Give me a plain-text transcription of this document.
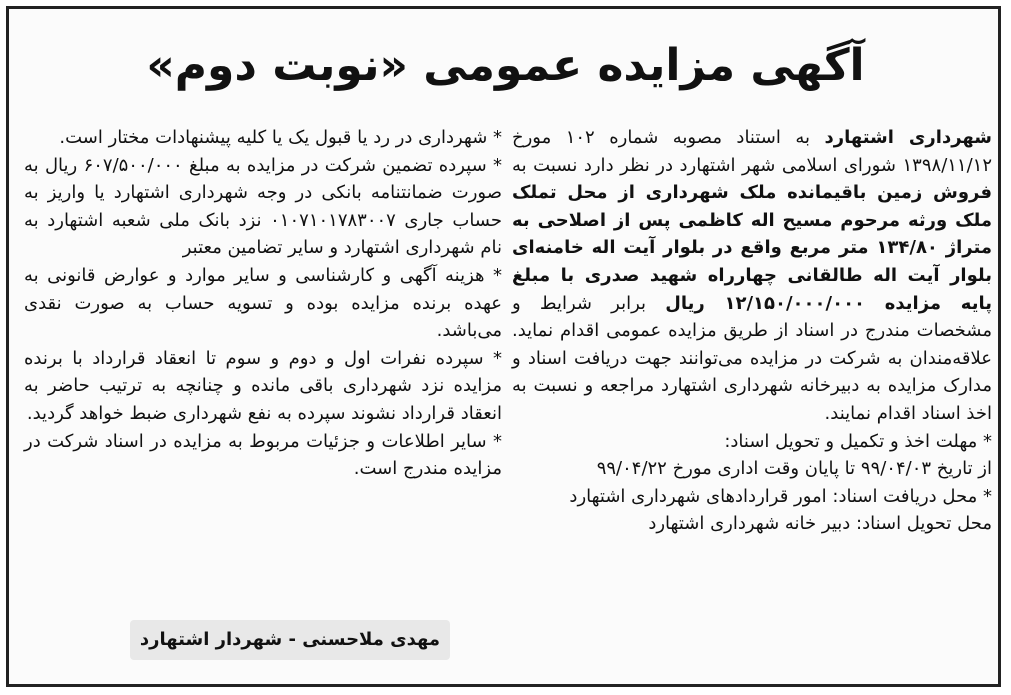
آگهی مزایده عمومی «نوبت دوم»

شهرداری اشتهارد به استناد مصوبه شماره ۱۰۲ مورخ ۱۳۹۸/۱۱/۱۲ شورای اسلامی شهر اشتهارد در نظر دارد نسبت به فروش زمین باقیمانده ملک شهرداری از محل تملک ملک ورثه مرحوم مسیح اله کاظمی پس از اصلاحی به متراژ ۱۳۴/۸۰ متر مربع واقع در بلوار آیت اله خامنه‌ای بلوار آیت اله طالقانی چهارراه شهید صدری با مبلغ پایه مزایده ۱۲/۱۵۰/۰۰۰/۰۰۰ ریال برابر شرایط و مشخصات مندرج در اسناد از طریق مزایده عمومی اقدام نماید. علاقه‌مندان به شرکت در مزایده می‌توانند جهت دریافت اسناد و مدارک مزایده به دبیرخانه شهرداری اشتهارد مراجعه و نسبت به اخذ اسناد اقدام نمایند.

* مهلت اخذ و تکمیل و تحویل اسناد:

از تاریخ ۹۹/۰۴/۰۳ تا پایان وقت اداری مورخ ۹۹/۰۴/۲۲

* محل دریافت اسناد: امور قراردادهای شهرداری اشتهارد

محل تحویل اسناد: دبیر خانه شهرداری اشتهارد

* شهرداری در رد یا قبول یک یا کلیه پیشنهادات مختار است.

* سپرده تضمین شرکت در مزایده به مبلغ ۶۰۷/۵۰۰/۰۰۰ ریال به صورت ضمانتنامه بانکی در وجه شهرداری اشتهارد یا واریز به حساب جاری ۰۱۰۷۱۰۱۷۸۳۰۰۷ نزد بانک ملی شعبه اشتهارد به نام شهرداری اشتهارد و سایر تضامین معتبر

* هزینه آگهی و کارشناسی و سایر موارد و عوارض قانونی به عهده برنده مزایده بوده و تسویه حساب به صورت نقدی می‌باشد.

* سپرده نفرات اول و دوم و سوم تا انعقاد قرارداد با برنده مزایده نزد شهرداری باقی مانده و چنانچه به ترتیب حاضر به انعقاد قرارداد نشوند سپرده به نفع شهرداری ضبط خواهد گردید.

* سایر اطلاعات و جزئیات مربوط به مزایده در اسناد شرکت در مزایده مندرج است.

مهدی ملاحسنی - شهردار اشتهارد
